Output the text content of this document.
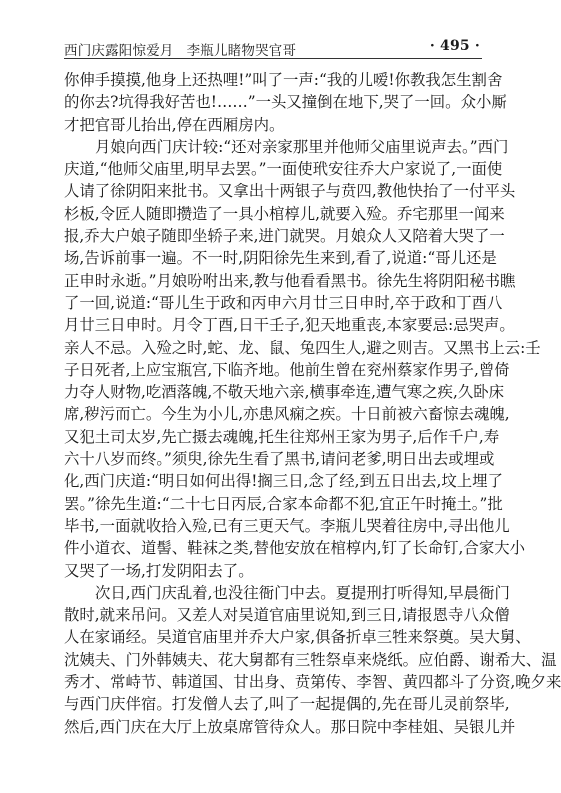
西门庆露阳惊爱月 李瓶儿睹物哭官哥	· 495 ·
你伸手摸摸,他身上还热哩!”叫了一声:“我的儿嗳!你教我怎生割舍
的你去?坑得我好苦也!……”一头又撞倒在地下,哭了一回。众小厮
才把官哥儿抬出,停在西厢房内。
月娘向西门庆计较:“还对亲家那里并他师父庙里说声去。”西门
庆道,“他师父庙里,明早去罢。”一面使玳安往乔大户家说了,一面使
人请了徐阴阳来批书。又拿出十两银子与贲四,教他快抬了一付平头
杉板,令匠人随即攒造了一具小棺椁儿,就要入殓。乔宅那里一闻来
报,乔大户娘子随即坐轿子来,进门就哭。月娘众人又陪着大哭了一
场,告诉前事一遍。不一时,阴阳徐先生来到,看了,说道:“哥儿还是
正申时永逝。”月娘吩咐出来,教与他看看黑书。徐先生将阴阳秘书瞧
了一回,说道:“哥儿生于政和丙申六月廿三日申时,卒于政和丁酉八
月廿三日申时。月令丁酉,日干壬子,犯天地重丧,本家要忌:忌哭声。
亲人不忌。入殓之时,蛇、龙、鼠、兔四生人,避之则吉。又黑书上云:壬
子日死者,上应宝瓶宫,下临齐地。他前生曾在兖州蔡家作男子,曾倚
力夺人财物,吃酒落魄,不敬天地六亲,横事牵连,遭气寒之疾,久卧床
席,秽污而亡。今生为小儿,亦患风痫之疾。十日前被六畜惊去魂魄,
又犯土司太岁,先亡摄去魂魄,托生往郑州王家为男子,后作千户,寿
六十八岁而终。”须臾,徐先生看了黑书,请问老爹,明日出去或埋或
化,西门庆道:“明日如何出得!搁三日,念了经,到五日出去,坟上埋了
罢。”徐先生道:“二十七日丙辰,合家本命都不犯,宜正午时掩土。”批
毕书,一面就收拾入殓,已有三更天气。李瓶儿哭着往房中,寻出他儿
件小道衣、道髻、鞋袜之类,替他安放在棺椁内,钉了长命钉,合家大小
又哭了一场,打发阴阳去了。
次日,西门庆乱着,也没往衙门中去。夏提刑打听得知,早晨衙门
散时,就来吊问。又差人对吴道官庙里说知,到三日,请报恩寺八众僧
人在家诵经。吴道官庙里并乔大户家,俱备折卓三牲来祭奠。吴大舅、
沈姨夫、门外韩姨夫、花大舅都有三牲祭卓来烧纸。应伯爵、谢希大、温
秀才、常峙节、韩道国、甘出身、贲第传、李智、黄四都斗了分资,晚夕来
与西门庆伴宿。打发僧人去了,叫了一起提偶的,先在哥儿灵前祭毕,
然后,西门庆在大厅上放桌席管待众人。那日院中李桂姐、吴银儿并
